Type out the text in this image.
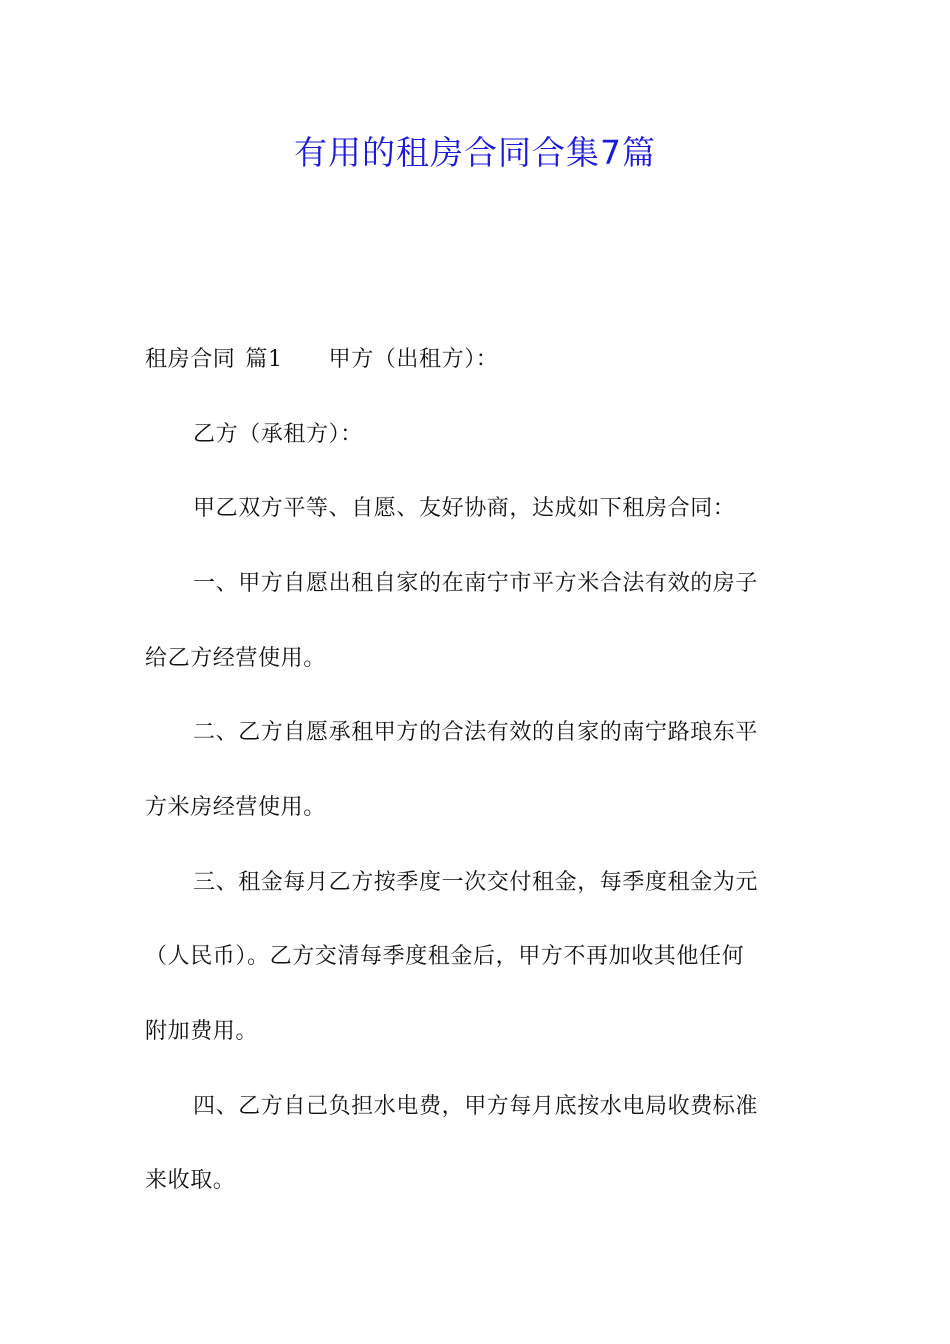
有用的租房合同合集7篇
租房合同 篇1 甲方（出租方）：
乙方（承租方）：
甲乙双方平等、自愿、友好协商，达成如下租房合同：
一、甲方自愿出租自家的在南宁市平方米合法有效的房子
给乙方经营使用。
二、乙方自愿承租甲方的合法有效的自家的南宁路琅东平
方米房经营使用。
三、租金每月乙方按季度一次交付租金，每季度租金为元
（人民币）。乙方交清每季度租金后，甲方不再加收其他任何
附加费用。
四、乙方自己负担水电费，甲方每月底按水电局收费标准
来收取。
